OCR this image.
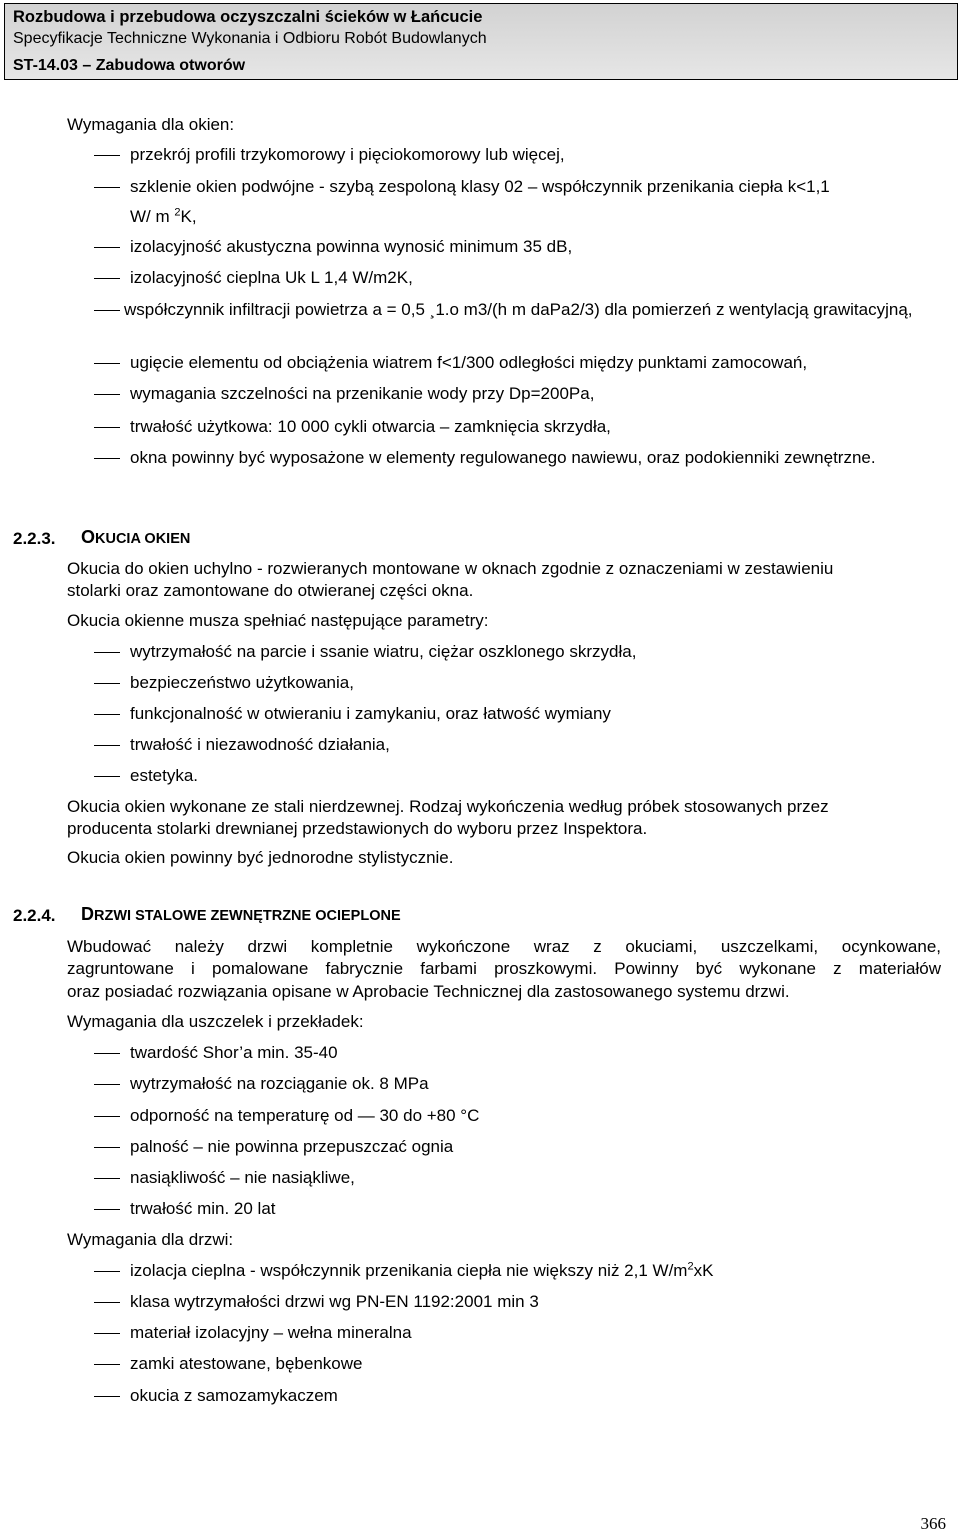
Rozbudowa i przebudowa oczyszczalni ścieków w Łańcucie
Specyfikacje Techniczne Wykonania i Odbioru Robót Budowlanych
ST-14.03 – Zabudowa otworów
Wymagania dla okien:
przekrój profili trzykomorowy i pięciokomorowy lub więcej,
szklenie okien podwójne - szybą zespoloną klasy 02 – współczynnik przenikania ciepła k<1,1
W/ m $^2$K,
izolacyjność akustyczna powinna wynosić minimum 35 dB,
izolacyjność cieplna Uk L 1,4 W/m2K,
współczynnik infiltracji powietrza a = 0,5 ¸1.o m3/(h m daPa2/3) dla pomierzeń z wentylacją grawitacyjną,
ugięcie elementu od obciążenia wiatrem f<1/300 odległości między punktami zamocowań,
wymagania szczelności na przenikanie wody przy Dp=200Pa,
trwałość użytkowa: 10 000 cykli otwarcia – zamknięcia skrzydła,
okna powinny być wyposażone w elementy regulowanego nawiewu, oraz podokienniki zewnętrzne.
2.2.3. OKUCIA OKIEN
Okucia do okien uchylno - rozwieranych montowane w oknach zgodnie z oznaczeniami w zestawieniu
stolarki oraz zamontowane do otwieranej części okna.
Okucia okienne musza spełniać następujące parametry:
wytrzymałość na parcie i ssanie wiatru, ciężar oszklonego skrzydła,
bezpieczeństwo użytkowania,
funkcjonalność w otwieraniu i zamykaniu, oraz łatwość wymiany
trwałość i niezawodność działania,
estetyka.
Okucia okien wykonane ze stali nierdzewnej. Rodzaj wykończenia według próbek stosowanych przez
producenta stolarki drewnianej przedstawionych do wyboru przez Inspektora.
Okucia okien powinny być jednorodne stylistycznie.
2.2.4. DRZWI STALOWE ZEWNĘTRZNE OCIEPLONE
Wbudować należy drzwi kompletnie wykończone wraz z okuciami, uszczelkami, ocynkowane,
zagruntowane i pomalowane fabrycznie farbami proszkowymi. Powinny być wykonane z materiałów
oraz posiadać rozwiązania opisane w Aprobacie Technicznej dla zastosowanego systemu drzwi.
Wymagania dla uszczelek i przekładek:
twardość Shor’a min. 35-40
wytrzymałość na rozciąganie ok. 8 MPa
odporność na temperaturę od — 30 do +80 °C
palność – nie powinna przepuszczać ognia
nasiąkliwość – nie nasiąkliwe,
trwałość min. 20 lat
Wymagania dla drzwi:
izolacja cieplna - współczynnik przenikania ciepła nie większy niż 2,1 $W/m^2xK$
klasa wytrzymałości drzwi wg PN-EN 1192:2001 min 3
materiał izolacyjny – wełna mineralna
zamki atestowane, bębenkowe
okucia z samozamykaczem
366
